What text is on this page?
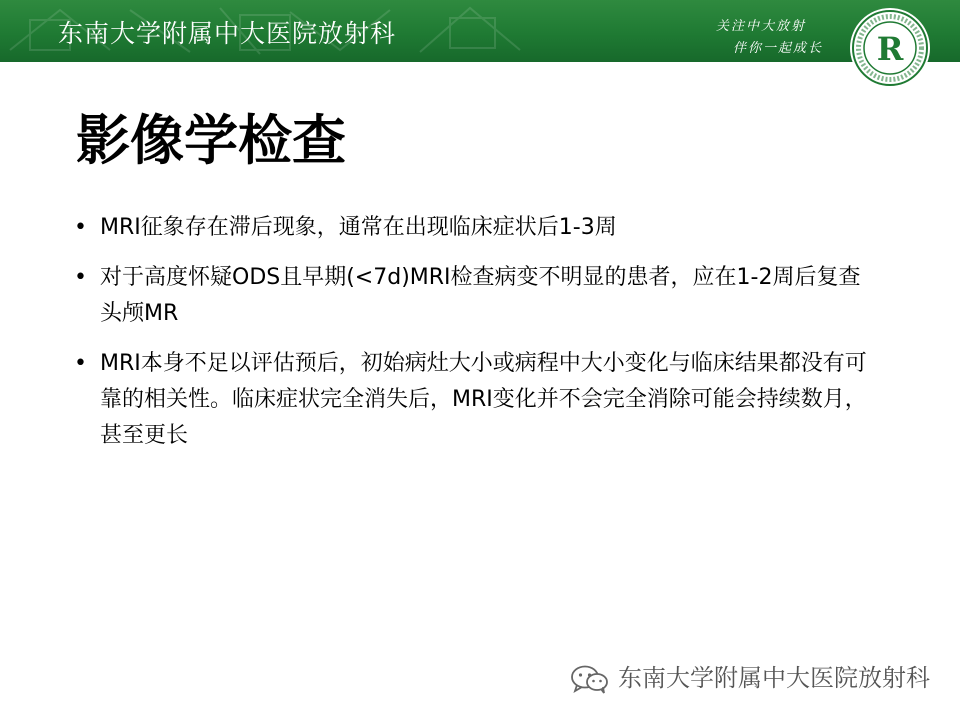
东南大学附属中大医院放射科	关注中大放射
伴你一起成长 R
影像学检查
• MRI征象存在滞后现象，通常在出现临床症状后1-3周
• 对于高度怀疑ODS且早期(<7d)MRI检查病变不明显的患者，应在1-2周后复查头颅MR
• MRI本身不足以评估预后，初始病灶大小或病程中大小变化与临床结果都没有可靠的相关性。临床症状完全消失后，MRI变化并不会完全消除可能会持续数月，甚至更长
东南大学附属中大医院放射科
